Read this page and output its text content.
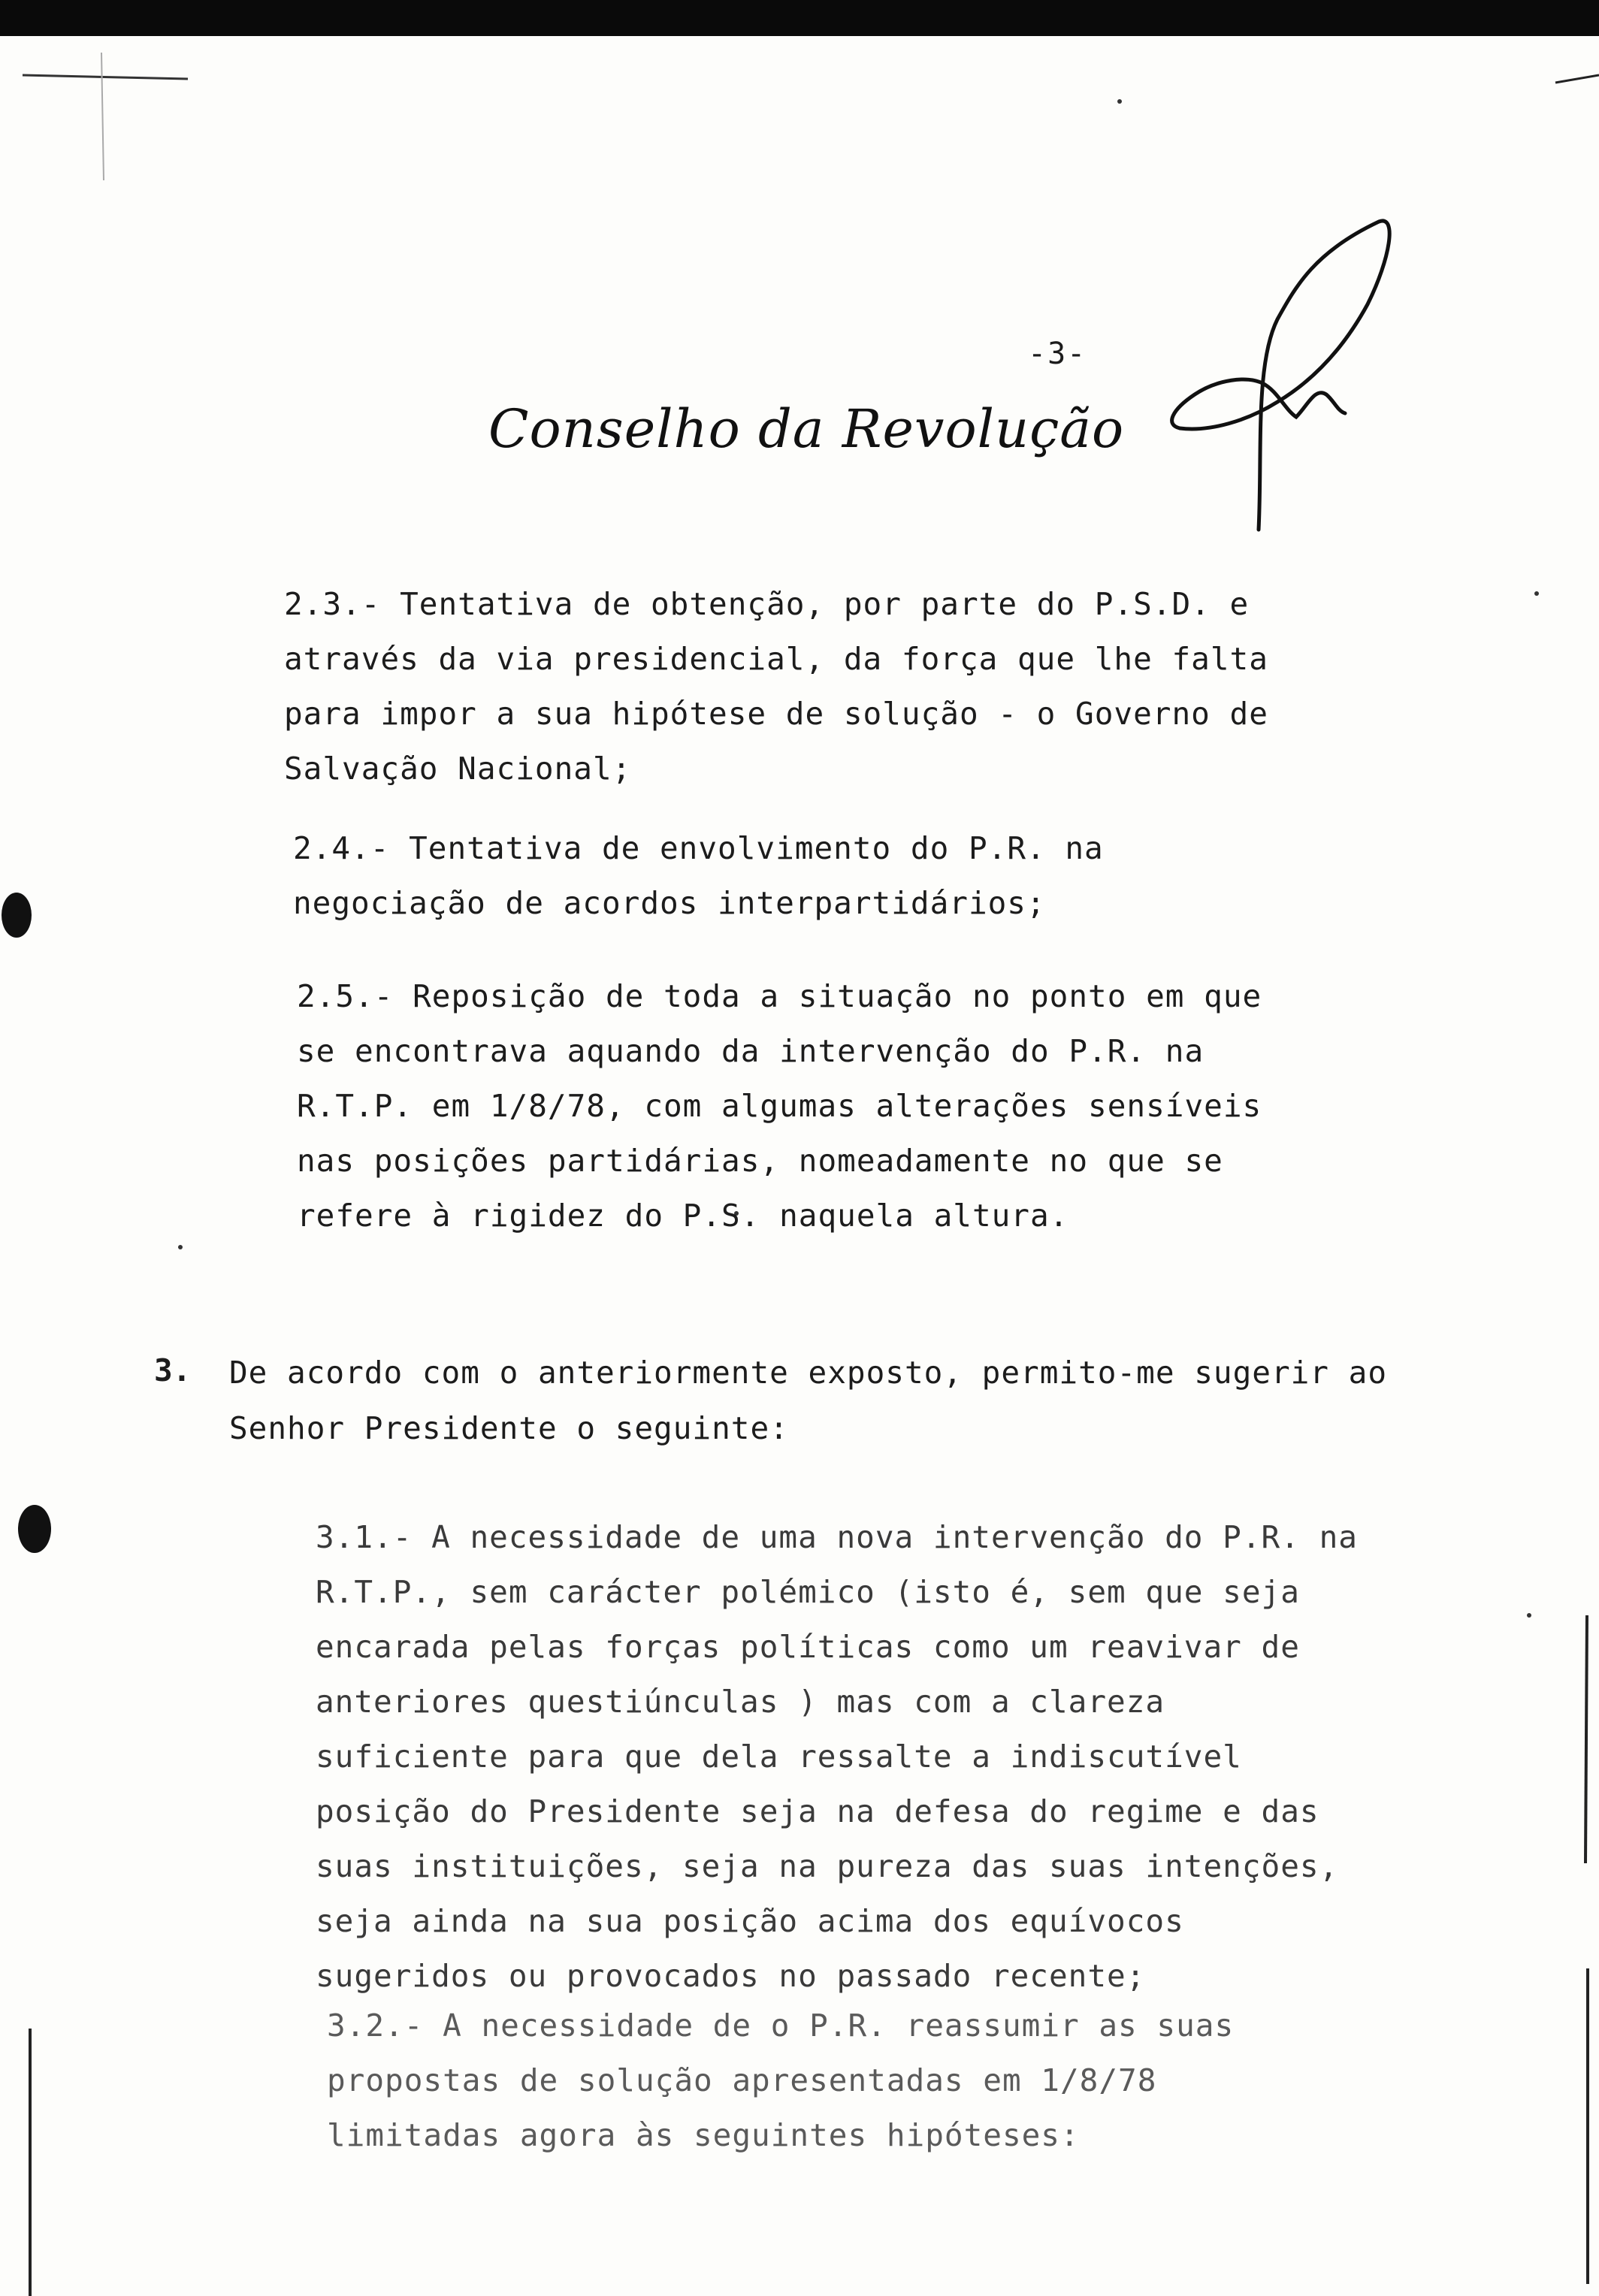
-3-
Conselho da Revolução
2.3.- Tentativa de obtenção, por parte do P.S.D. e através da via presidencial, da força que lhe falta para impor a sua hipótese de solução - o Governo de Salvação Nacional;
2.4.- Tentativa de envolvimento do P.R. na negociação de acordos interpartidários;
2.5.- Reposição de toda a situação no ponto em que se encontrava aquando da intervenção do P.R. na R.T.P. em 1/8/78, com algumas alterações sensíveis nas posições partidárias, nomeadamente no que se refere à rigidez do P.S. naquela altura.
3. De acordo com o anteriormente exposto, permito-me sugerir ao Senhor Presidente o seguinte:
3.1.- A necessidade de uma nova intervenção do P.R. na R.T.P., sem carácter polémico (isto é, sem que seja encarada pelas forças políticas como um reavivar de anteriores questiúnculas ) mas com a clareza suficiente para que dela ressalte a indiscutível posição do Presidente seja na defesa do regime e das suas instituições, seja na pureza das suas intenções, seja ainda na sua posição acima dos equívocos sugeridos ou provocados no passado recente;
3.2.- A necessidade de o P.R. reassumir as suas propostas de solução apresentadas em 1/8/78 limitadas agora às seguintes hipóteses:
